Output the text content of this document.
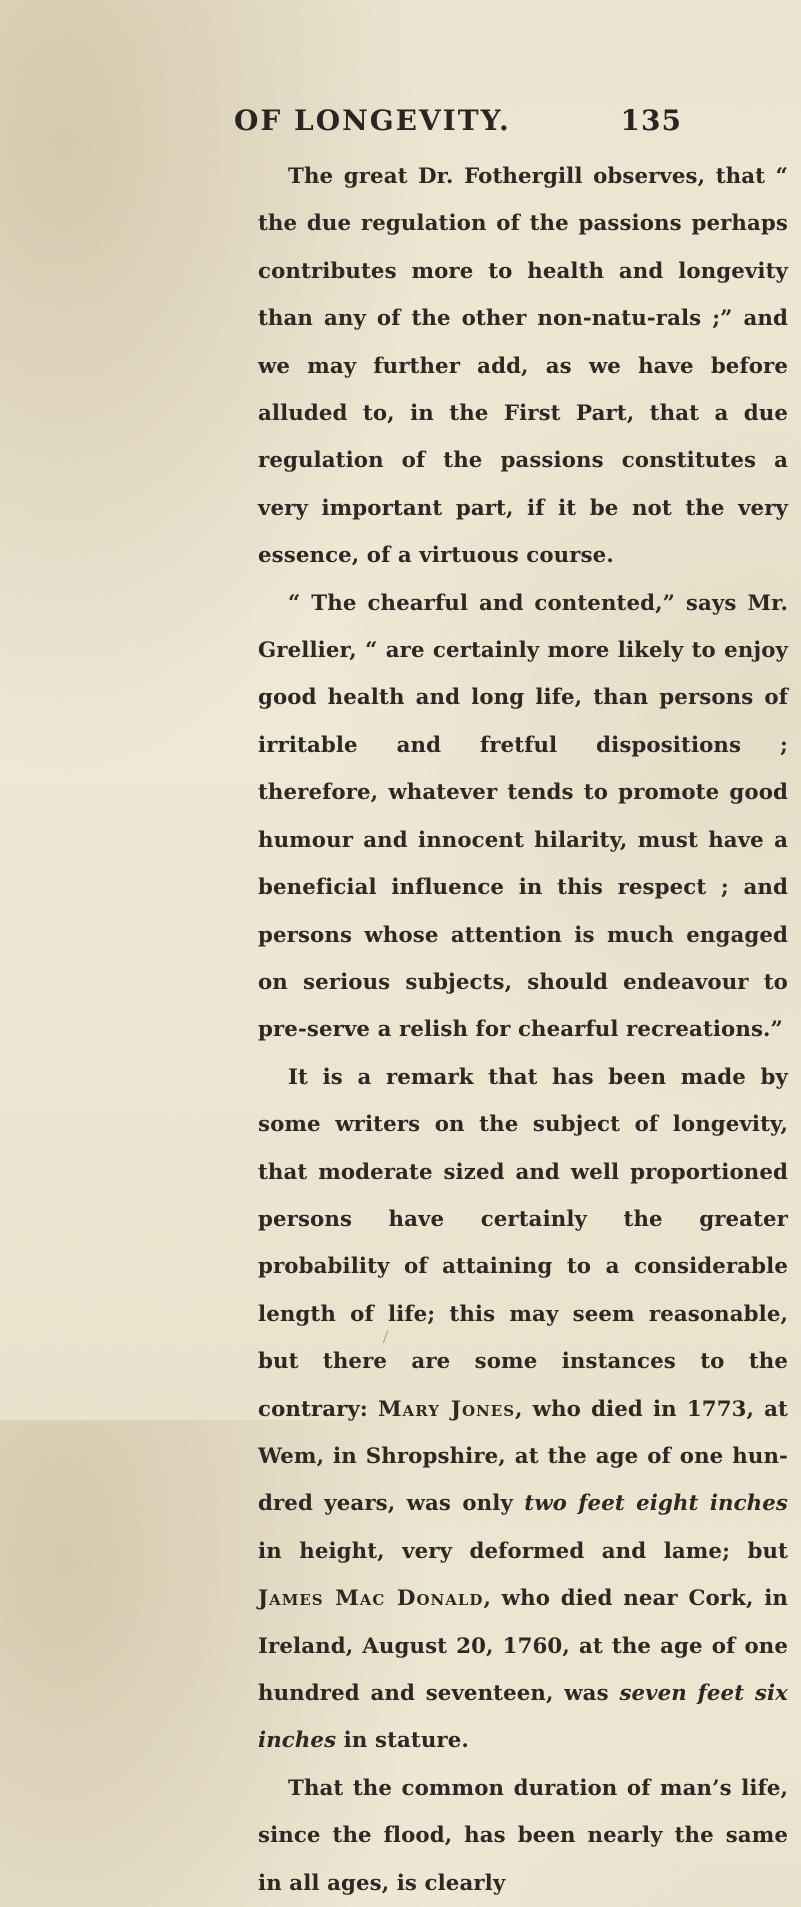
OF LONGEVITY.	135

The great Dr. Fothergill observes, that “ the due regulation of the passions perhaps contributes more to health and longevity than any of the other non-natu-rals ;” and we may further add, as we have before alluded to, in the First Part, that a due regulation of the passions constitutes a very important part, if it be not the very essence, of a virtuous course.

“ The chearful and contented,” says Mr. Grellier, “ are certainly more likely to enjoy good health and long life, than persons of irritable and fretful dispositions ; therefore, whatever tends to promote good humour and innocent hilarity, must have a beneficial influence in this respect ; and persons whose attention is much engaged on serious subjects, should endeavour to pre-serve a relish for chearful recreations.”

It is a remark that has been made by some writers on the subject of longevity, that moderate sized and well proportioned persons have certainly the greater probability of attaining to a considerable length of life; this may seem reasonable, but there are some instances to the contrary: Mary Jones, who died in 1773, at Wem, in Shropshire, at the age of one hun-dred years, was only two feet eight inches in height, very deformed and lame; but James Mac Donald, who died near Cork, in Ireland, August 20, 1760, at the age of one hundred and seventeen, was seven feet six inches in stature.

That the common duration of man’s life, since the flood, has been nearly the same in all ages, is clearly
